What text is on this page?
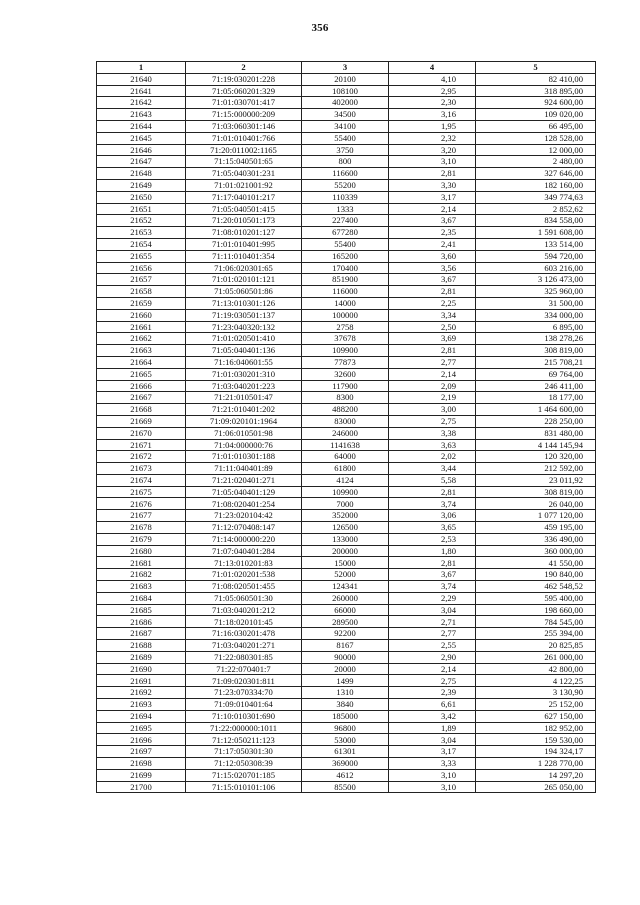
356
1	2	3	4	5
21640	71:19:030201:228	20100	4,10	82 410,00
21641	71:05:060201:329	108100	2,95	318 895,00
21642	71:01:030701:417	402000	2,30	924 600,00
21643	71:15:000000:209	34500	3,16	109 020,00
21644	71:03:060301:146	34100	1,95	66 495,00
21645	71:01:010401:766	55400	2,32	128 528,00
21646	71:20:011002:1165	3750	3,20	12 000,00
21647	71:15:040501:65	800	3,10	2 480,00
21648	71:05:040301:231	116600	2,81	327 646,00
21649	71:01:021001:92	55200	3,30	182 160,00
21650	71:17:040101:217	110339	3,17	349 774,63
21651	71:05:040501:415	1333	2,14	2 852,62
21652	71:20:010501:173	227400	3,67	834 558,00
21653	71:08:010201:127	677280	2,35	1 591 608,00
21654	71:01:010401:995	55400	2,41	133 514,00
21655	71:11:010401:354	165200	3,60	594 720,00
21656	71:06:020301:65	170400	3,56	603 216,00
21657	71:01:020101:121	851900	3,67	3 126 473,00
21658	71:05:060501:86	116000	2,81	325 960,00
21659	71:13:010301:126	14000	2,25	31 500,00
21660	71:19:030501:137	100000	3,34	334 000,00
21661	71:23:040320:132	2758	2,50	6 895,00
21662	71:01:020501:410	37678	3,69	138 278,26
21663	71:05:040401:136	109900	2,81	308 819,00
21664	71:16:040601:55	77873	2,77	215 708,21
21665	71:01:030201:310	32600	2,14	69 764,00
21666	71:03:040201:223	117900	2,09	246 411,00
21667	71:21:010501:47	8300	2,19	18 177,00
21668	71:21:010401:202	488200	3,00	1 464 600,00
21669	71:09:020101:1964	83000	2,75	228 250,00
21670	71:06:010501:98	246000	3,38	831 480,00
21671	71:04:000000:76	1141638	3,63	4 144 145,94
21672	71:01:010301:188	64000	2,02	120 320,00
21673	71:11:040401:89	61800	3,44	212 592,00
21674	71:21:020401:271	4124	5,58	23 011,92
21675	71:05:040401:129	109900	2,81	308 819,00
21676	71:08:020401:254	7000	3,74	26 040,00
21677	71:23:020104:42	352000	3,06	1 077 120,00
21678	71:12:070408:147	126500	3,65	459 195,00
21679	71:14:000000:220	133000	2,53	336 490,00
21680	71:07:040401:284	200000	1,80	360 000,00
21681	71:13:010201:83	15000	2,81	41 550,00
21682	71:01:020201:538	52000	3,67	190 840,00
21683	71:08:020501:455	124341	3,74	462 548,52
21684	71:05:060501:30	260000	2,29	595 400,00
21685	71:03:040201:212	66000	3,04	198 660,00
21686	71:18:020101:45	289500	2,71	784 545,00
21687	71:16:030201:478	92200	2,77	255 394,00
21688	71:03:040201:271	8167	2,55	20 825,85
21689	71:22:080301:85	90000	2,90	261 000,00
21690	71:22:070401:7	20000	2,14	42 800,00
21691	71:09:020301:811	1499	2,75	4 122,25
21692	71:23:070334:70	1310	2,39	3 130,90
21693	71:09:010401:64	3840	6,61	25 152,00
21694	71:10:010301:690	185000	3,42	627 150,00
21695	71:22:000000:1011	96800	1,89	182 952,00
21696	71:12:050211:123	53000	3,04	159 530,00
21697	71:17:050301:30	61301	3,17	194 324,17
21698	71:12:050308:39	369000	3,33	1 228 770,00
21699	71:15:020701:185	4612	3,10	14 297,20
21700	71:15:010101:106	85500	3,10	265 050,00
